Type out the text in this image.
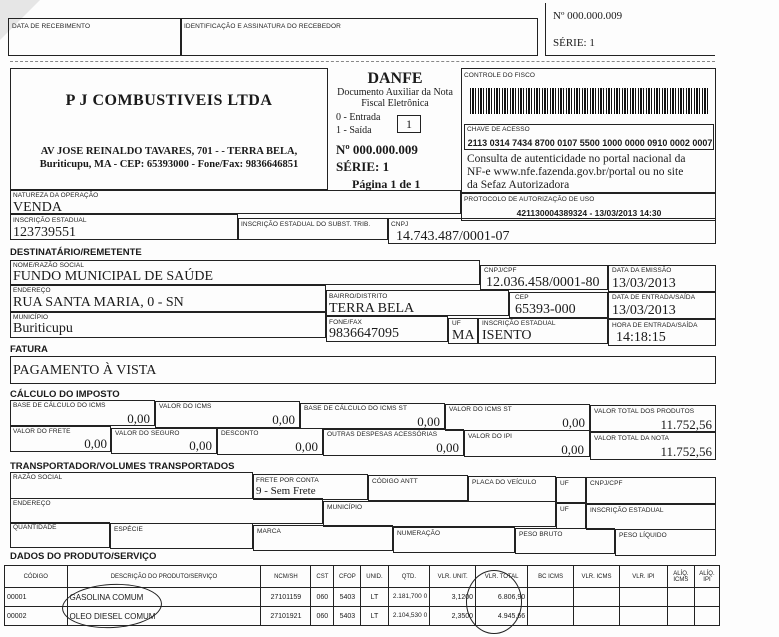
DATA DE RECEBIMENTO	IDENTIFICAÇÃO E ASSINATURA DO RECEBEDOR
Nº 000.000.009
SÉRIE: 1
P J COMBUSTIVEIS LTDA
AV JOSE REINALDO TAVARES, 701 - - TERRA BELA,
Buriticupu, MA - CEP: 65393000 - Fone/Fax: 9836646851
DANFE
Documento Auxiliar da Nota
Fiscal Eletrônica
0 - Entrada
1 - Saída	1
Nº 000.000.009
SÉRIE: 1
Página 1 de 1
CONTROLE DO FISCO
CHAVE DE ACESSO
2113 0314 7434 8700 0107 5500 1000 0000 0910 0002 0007
Consulta de autenticidade no portal nacional da
NF-e www.nfe.fazenda.gov.br/portal ou no site
da Sefaz Autorizadora
NATUREZA DA OPERAÇÃO
VENDA
PROTOCOLO DE AUTORIZAÇÃO DE USO
421130004389324 - 13/03/2013 14:30
INSCRIÇÃO ESTADUAL
123739551
INSCRIÇÃO ESTADUAL DO SUBST. TRIB.	CNPJ
14.743.487/0001-07
DESTINATÁRIO/REMETENTE
NOME/RAZÃO SOCIAL
FUNDO MUNICIPAL DE SAÚDE	CNPJ/CPF
12.036.458/0001-80
DATA DA EMISSÃO
13/03/2013
ENDEREÇO
RUA SANTA MARIA, 0 - SN	BAIRRO/DISTRITO
TERRA BELA
CEP
65393-000
DATA DE ENTRADA/SAÍDA
13/03/2013
MUNICÍPIO
Buriticupu	FONE/FAX
9836647095
UF
MA
INSCRIÇÃO ESTADUAL
ISENTO
HORA DE ENTRADA/SAÍDA
14:18:15
FATURA
PAGAMENTO À VISTA
CÁLCULO DO IMPOSTO
BASE DE CÁLCULO DO ICMS
0,00
VALOR DO ICMS
0,00
BASE DE CÁLCULO DO ICMS ST
0,00
VALOR DO ICMS ST
0,00
VALOR TOTAL DOS PRODUTOS
11.752,56
VALOR DO FRETE
0,00
VALOR DO SEGURO
0,00
DESCONTO
0,00
OUTRAS DESPESAS ACESSÓRIAS
0,00
VALOR DO IPI
0,00
VALOR TOTAL DA NOTA
11.752,56
TRANSPORTADOR/VOLUMES TRANSPORTADOS
RAZÃO SOCIAL	FRETE POR CONTA
9 - Sem Frete
CÓDIGO ANTT	PLACA DO VEÍCULO	UF	CNPJ/CPF
ENDEREÇO
MUNICÍPIO	UF	INSCRIÇÃO ESTADUAL
QUANTIDADE	ESPÉCIE	MARCA	NUMERAÇÃO	PESO BRUTO	PESO LÍQUIDO
DADOS DO PRODUTO/SERVIÇO
CÓDIGO	DESCRIÇÃO DO PRODUTO/SERVIÇO	NCM/SH	CST	CFOP	UNID.	QTD.	VLR. UNIT.	VLR. TOTAL	BC ICMS	VLR. ICMS	VLR. IPI	ALÍQ. ICMS	ALÍQ. IPI
00001	GASOLINA COMUM	27101159	060	5403	LT	2.181,700 0	3,1200	6.806,90					
00002	OLEO DIESEL COMUM	27101921	060	5403	LT	2.104,530 0	2,3500	4.945,66					
